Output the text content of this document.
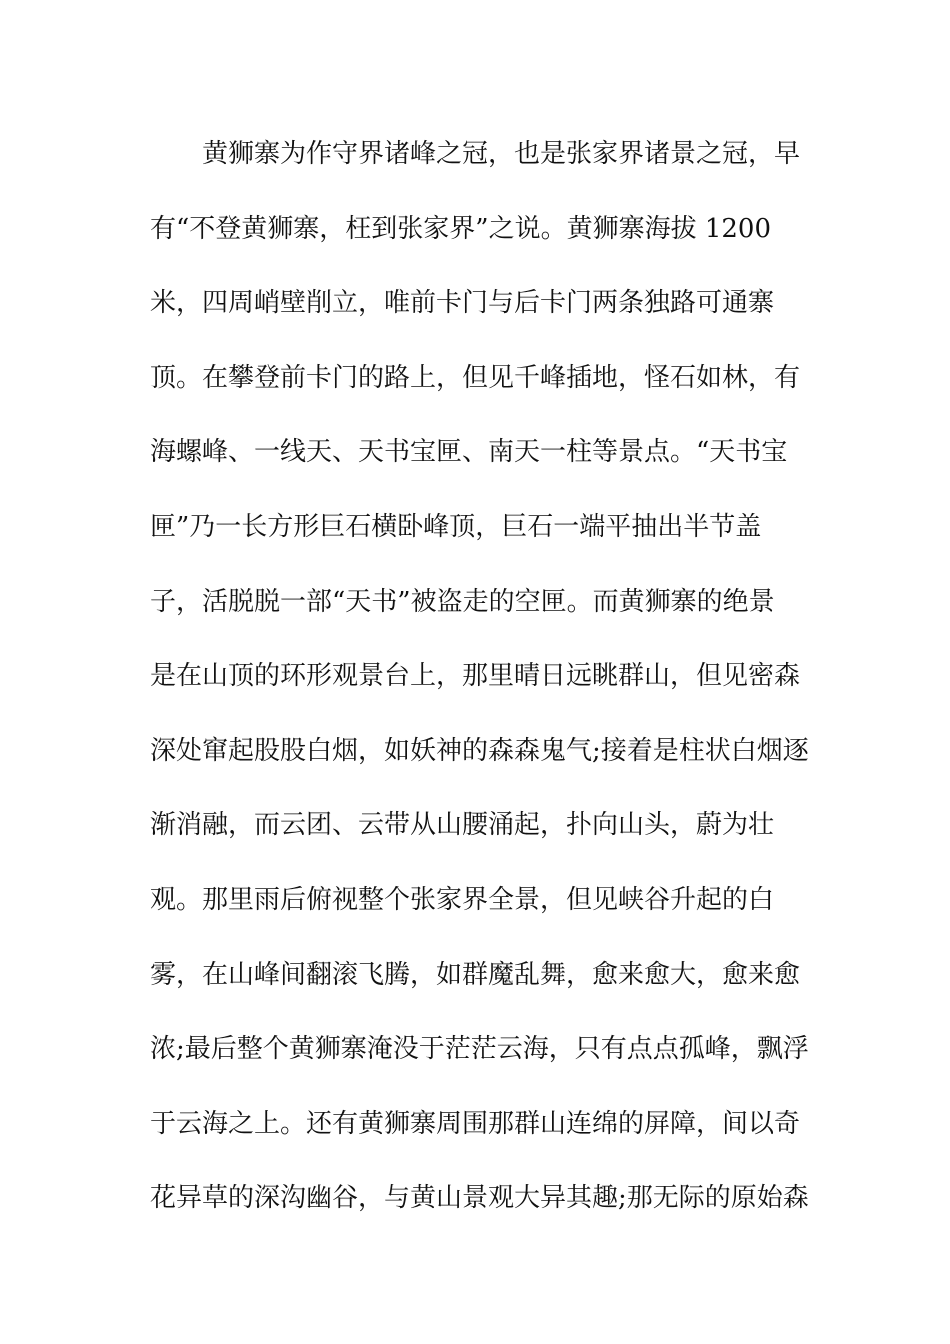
黄狮寨为作守界诸峰之冠，也是张家界诸景之冠，早
有“不登黄狮寨，枉到张家界”之说。黄狮寨海拔 1200
米，四周峭壁削立，唯前卡门与后卡门两条独路可通寨
顶。在攀登前卡门的路上，但见千峰插地，怪石如林，有
海螺峰、一线天、天书宝匣、南天一柱等景点。“天书宝
匣”乃一长方形巨石横卧峰顶，巨石一端平抽出半节盖
子，活脱脱一部“天书”被盗走的空匣。而黄狮寨的绝景
是在山顶的环形观景台上，那里晴日远眺群山，但见密森
深处窜起股股白烟，如妖神的森森鬼气;接着是柱状白烟逐
渐消融，而云团、云带从山腰涌起，扑向山头，蔚为壮
观。那里雨后俯视整个张家界全景，但见峡谷升起的白
雾，在山峰间翻滚飞腾，如群魔乱舞，愈来愈大，愈来愈
浓;最后整个黄狮寨淹没于茫茫云海，只有点点孤峰，飘浮
于云海之上。还有黄狮寨周围那群山连绵的屏障，间以奇
花异草的深沟幽谷，与黄山景观大异其趣;那无际的原始森
